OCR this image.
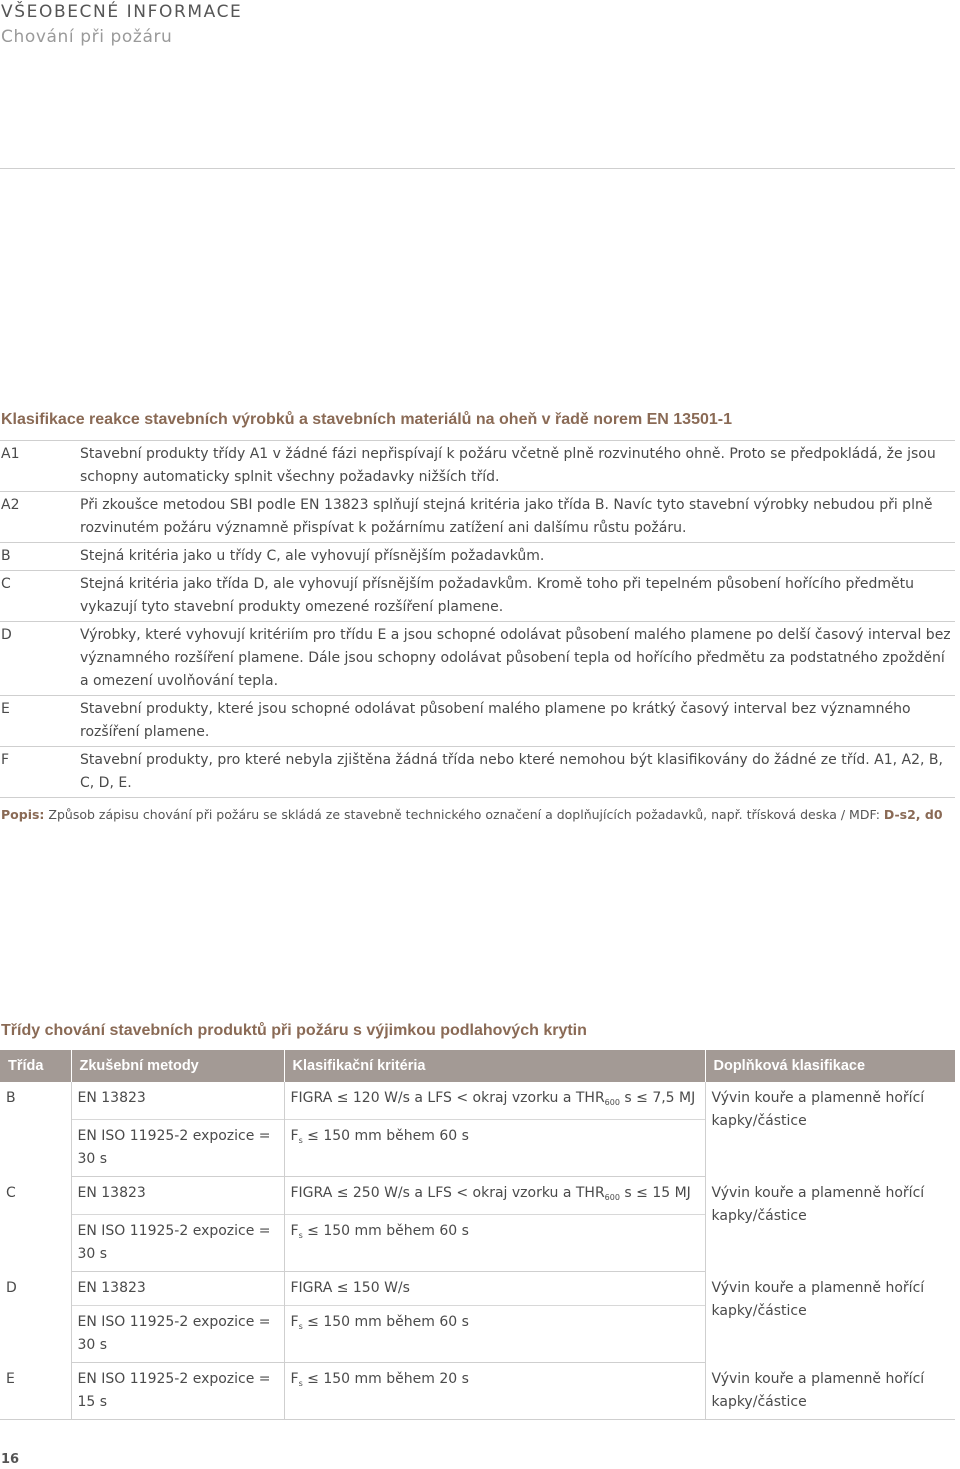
VŠEOBECNÉ INFORMACE
Chování při požáru
Klasifikace reakce stavebních výrobků a stavebních materiálů na oheň v řadě norem EN 13501-1
A1	Stavební produkty třídy A1 v žádné fázi nepřispívají k požáru včetně plně rozvinutého ohně. Proto se předpokládá, že jsou schopny automaticky splnit všechny požadavky nižších tříd.
A2	Při zkoušce metodou SBI podle EN 13823 splňují stejná kritéria jako třída B. Navíc tyto stavební výrobky nebudou při plně rozvinutém požáru významně přispívat k požárnímu zatížení ani dalšímu růstu požáru.
B	Stejná kritéria jako u třídy C, ale vyhovují přísnějším požadavkům.
C	Stejná kritéria jako třída D, ale vyhovují přísnějším požadavkům. Kromě toho při tepelném působení hořícího předmětu vykazují tyto stavební produkty omezené rozšíření plamene.
D	Výrobky, které vyhovují kritériím pro třídu E a jsou schopné odolávat působení malého plamene po delší časový interval bez významného rozšíření plamene. Dále jsou schopny odolávat působení tepla od hořícího předmětu za podstatného zpoždění a omezení uvolňování tepla.
E	Stavební produkty, které jsou schopné odolávat působení malého plamene po krátký časový interval bez významného rozšíření plamene.
F	Stavební produkty, pro které nebyla zjištěna žádná třída nebo které nemohou být klasifikovány do žádné ze tříd. A1, A2, B, C, D, E.
Popis: Způsob zápisu chování při požáru se skládá ze stavebně technického označení a doplňujících požadavků, např. třísková deska / MDF: D-s2, d0
Třídy chování stavebních produktů při požáru s výjimkou podlahových krytin
Třída	Zkušební metody	Klasifikační kritéria	Doplňková klasifikace
B	EN 13823	FIGRA ≤ 120 W/s a LFS < okraj vzorku a $THR_{600}$ s ≤ 7,5 MJ	Vývin kouře a plamenně hořící kapky/částice
	EN ISO 11925-2 expozice = 30 s	$F_s \le 150$ mm během 60 s	
C	EN 13823	FIGRA ≤ 250 W/s a LFS < okraj vzorku a $THR_{600}$ s ≤ 15 MJ	Vývin kouře a plamenně hořící kapky/částice
	EN ISO 11925-2 expozice = 30 s	$F_s \le 150$ mm během 60 s	
D	EN 13823	FIGRA ≤ 150 W/s	Vývin kouře a plamenně hořící kapky/částice
	EN ISO 11925-2 expozice = 30 s	$F_s \le 150$ mm během 60 s	
E	EN ISO 11925-2 expozice = 15 s	$F_s \le 150$ mm během 20 s	Vývin kouře a plamenně hořící kapky/částice
16
